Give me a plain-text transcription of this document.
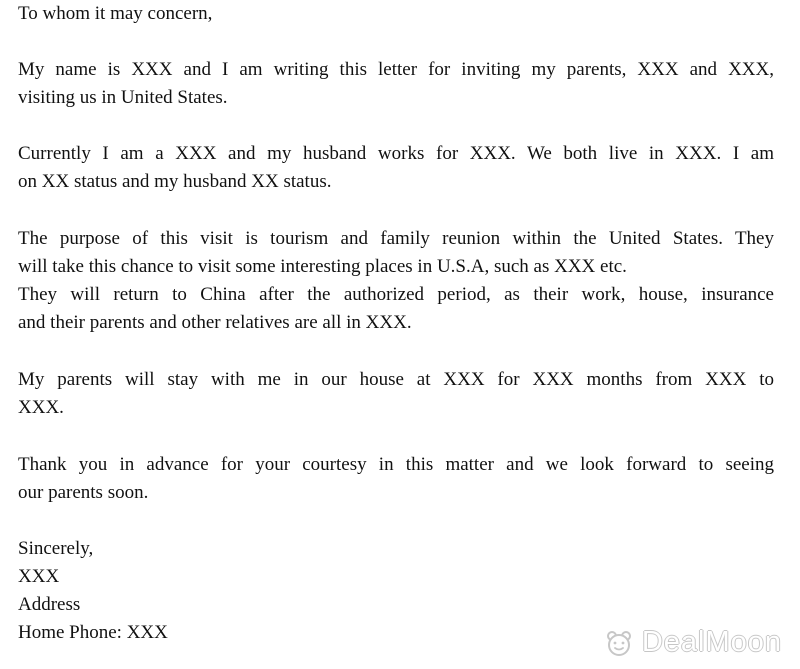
To whom it may concern,
My name is XXX and I am writing this letter for inviting my parents, XXX and XXX,
visiting us in United States.
Currently I am a XXX and my husband works for XXX. We both live in XXX. I am
on XX status and my husband XX status.
The purpose of this visit is tourism and family reunion within the United States. They
will take this chance to visit some interesting places in U.S.A, such as XXX etc.
They will return to China after the authorized period, as their work, house, insurance
and their parents and other relatives are all in XXX.
My parents will stay with me in our house at XXX for XXX months from XXX to
XXX.
Thank you in advance for your courtesy in this matter and we look forward to seeing
our parents soon.
Sincerely,
XXX
Address
Home Phone: XXX	DealMoon
